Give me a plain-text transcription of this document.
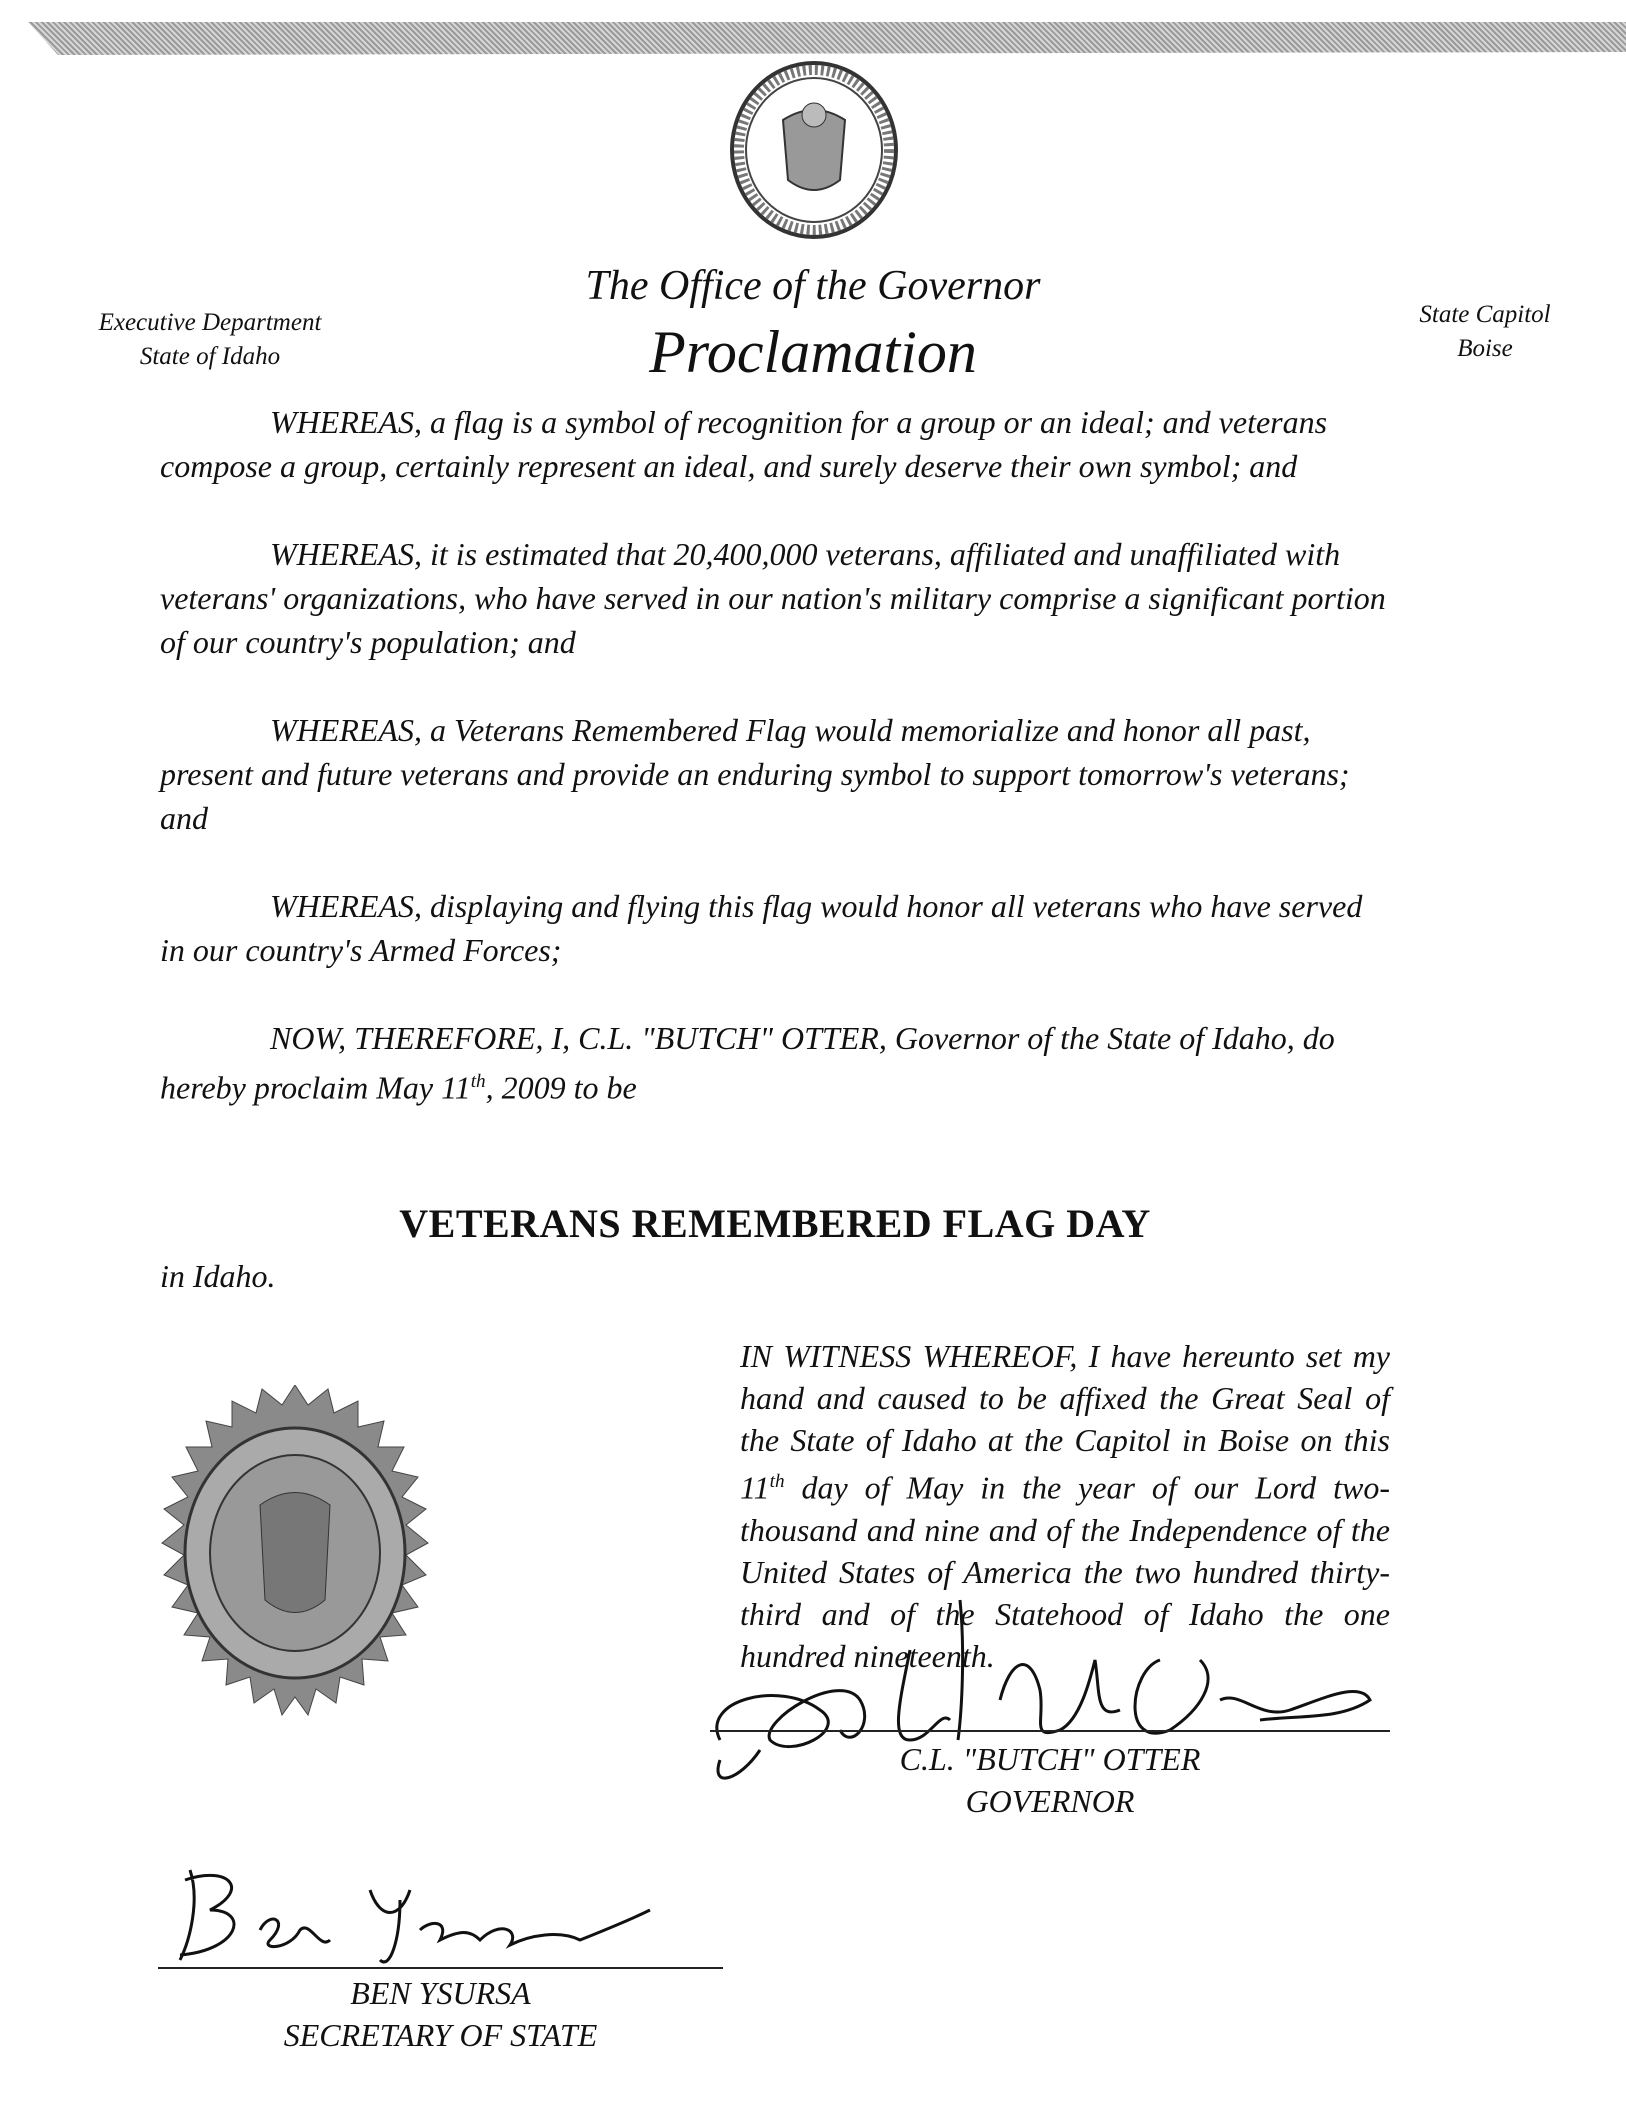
Executive Department
State of Idaho
State Capitol
Boise
The Office of the Governor
Proclamation

WHEREAS, a flag is a symbol of recognition for a group or an ideal; and veterans compose a group, certainly represent an ideal, and surely deserve their own symbol; and

WHEREAS, it is estimated that 20,400,000 veterans, affiliated and unaffiliated with veterans' organizations, who have served in our nation's military comprise a significant portion of our country's population; and

WHEREAS, a Veterans Remembered Flag would memorialize and honor all past, present and future veterans and provide an enduring symbol to support tomorrow's veterans; and

WHEREAS, displaying and flying this flag would honor all veterans who have served in our country's Armed Forces;

NOW, THEREFORE, I, C.L. "BUTCH" OTTER, Governor of the State of Idaho, do hereby proclaim May 11th, 2009 to be

VETERANS REMEMBERED FLAG DAY
in Idaho.
IN WITNESS WHEREOF, I have hereunto set my hand and caused to be affixed the Great Seal of the State of Idaho at the Capitol in Boise on this 11th day of May in the year of our Lord two-thousand and nine and of the Independence of the United States of America the two hundred thirty-third and of the Statehood of Idaho the one hundred nineteenth.
C.L. "BUTCH" OTTER
GOVERNOR
BEN YSURSA
SECRETARY OF STATE
